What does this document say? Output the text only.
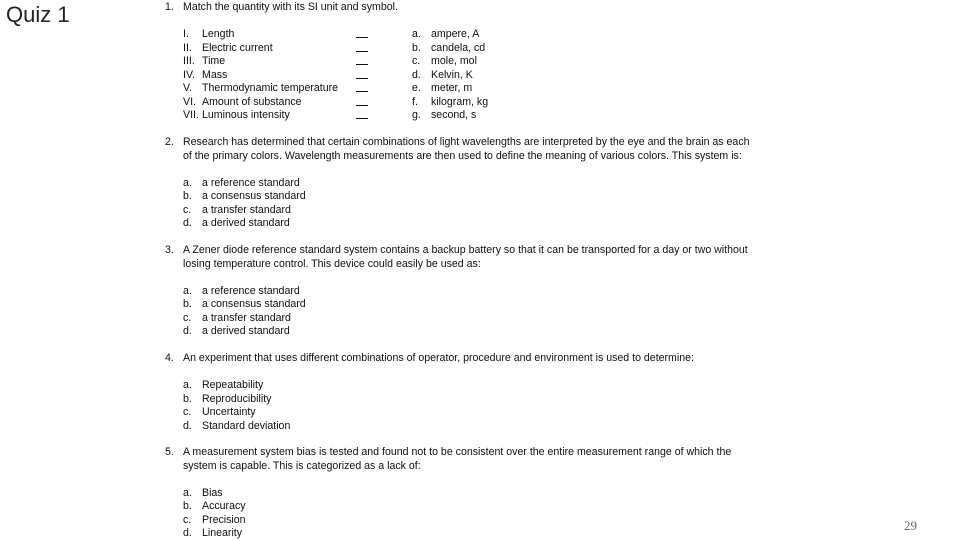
Quiz 1
29
1. Match the quantity with its SI unit and symbol.
I.	Length	a. ampere, A
II. Electric current	b. candela, cd
III. Time	c. mole, mol
IV. Mass	d. Kelvin, K
V. Thermodynamic temperature	e. meter, m
VI. Amount of substance	f. kilogram, kg
VII. Luminous intensity	g. second, s
2. Research has determined that certain combinations of light wavelengths are interpreted by the eye and the brain as each
of the primary colors. Wavelength measurements are then used to define the meaning of various colors. This system is:
a. a reference standard
b. a consensus standard
c.	a transfer standard
d. a derived standard
3. A Zener diode reference standard system contains a backup battery so that it can be transported for a day or two without
losing temperature control. This device could easily be used as:
a. a reference standard
b. a consensus standard
c.	a transfer standard
d. a derived standard
4. An experiment that uses different combinations of operator, procedure and environment is used to determine:
a. Repeatability
b. Reproducibility
c.	Uncertainty
d. Standard deviation
5. A measurement system bias is tested and found not to be consistent over the entire measurement range of which the
system is capable. This is categorized as a lack of:
a. Bias
b. Accuracy
c.	Precision
d. Linearity
